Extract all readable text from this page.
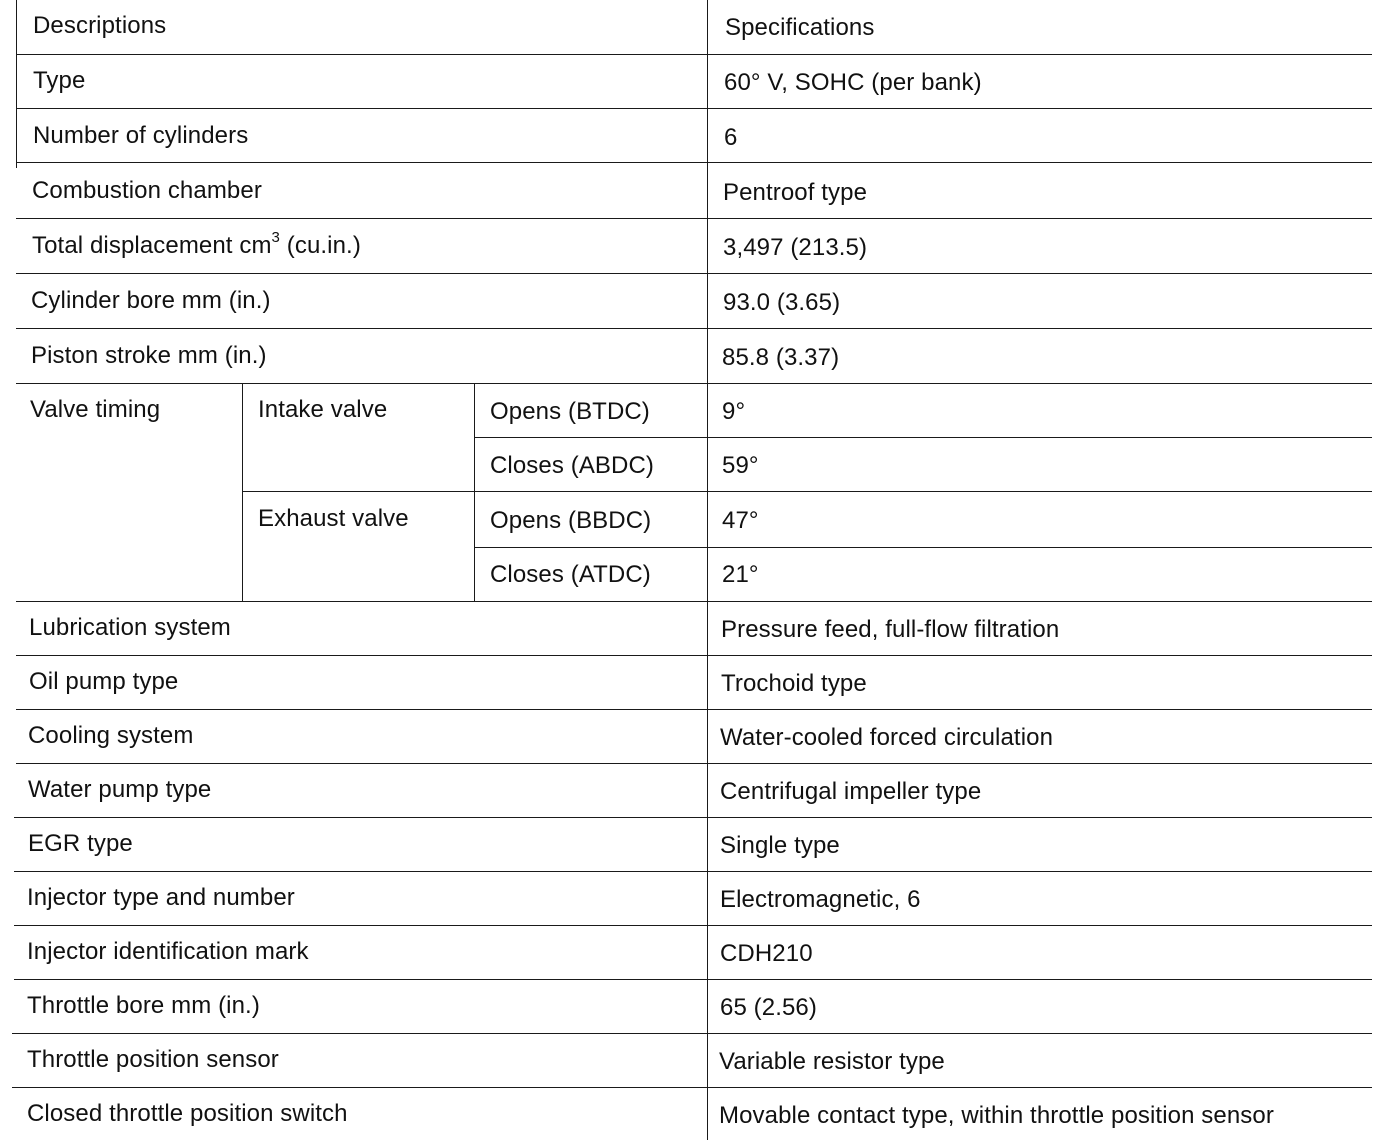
Descriptions	Specifications
Type	60° V, SOHC (per bank)
Number of cylinders	6
Combustion chamber	Pentroof type
Total displacement $cm^3$ (cu.in.)	3,497 (213.5)
Cylinder bore mm (in.)	93.0 (3.65)
Piston stroke mm (in.)	85.8 (3.37)
Valve timing	Intake valve	Opens (BTDC)	9°
Closes (ABDC)	59°
Exhaust valve	Opens (BBDC)	47°
Closes (ATDC)	21°
Lubrication system	Pressure feed, full-flow filtration
Oil pump type	Trochoid type
Cooling system	Water-cooled forced circulation
Water pump type	Centrifugal impeller type
EGR type	Single type
Injector type and number	Electromagnetic, 6
Injector identification mark	CDH210
Throttle bore mm (in.)	65 (2.56)
Throttle position sensor	Variable resistor type
Closed throttle position switch	Movable contact type, within throttle position sensor
